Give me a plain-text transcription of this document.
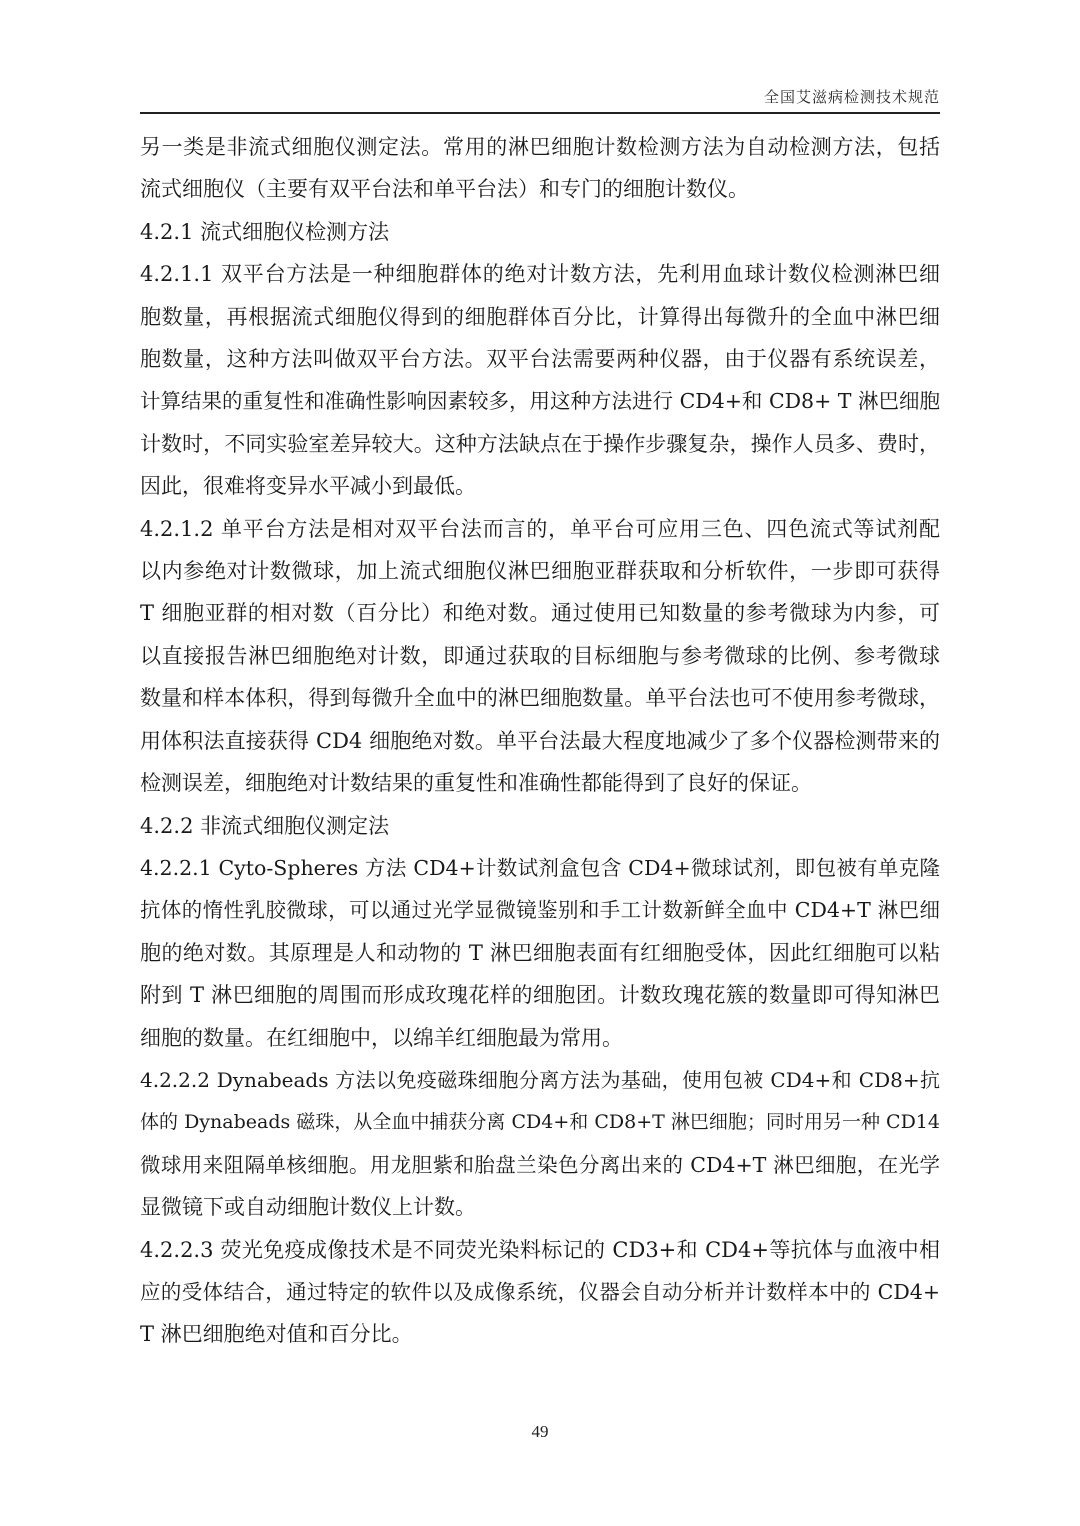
全国艾滋病检测技术规范
另一类是非流式细胞仪测定法。常用的淋巴细胞计数检测方法为自动检测方法，包括
流式细胞仪（主要有双平台法和单平台法）和专门的细胞计数仪。
4.2.1 流式细胞仪检测方法
4.2.1.1 双平台方法是一种细胞群体的绝对计数方法，先利用血球计数仪检测淋巴细
胞数量，再根据流式细胞仪得到的细胞群体百分比，计算得出每微升的全血中淋巴细
胞数量，这种方法叫做双平台方法。双平台法需要两种仪器，由于仪器有系统误差，
计算结果的重复性和准确性影响因素较多，用这种方法进行 CD4+和 CD8+ T 淋巴细胞
计数时，不同实验室差异较大。这种方法缺点在于操作步骤复杂，操作人员多、费时，
因此，很难将变异水平减小到最低。
4.2.1.2 单平台方法是相对双平台法而言的，单平台可应用三色、四色流式等试剂配
以内参绝对计数微球，加上流式细胞仪淋巴细胞亚群获取和分析软件，一步即可获得
T 细胞亚群的相对数（百分比）和绝对数。通过使用已知数量的参考微球为内参，可
以直接报告淋巴细胞绝对计数，即通过获取的目标细胞与参考微球的比例、参考微球
数量和样本体积，得到每微升全血中的淋巴细胞数量。单平台法也可不使用参考微球，
用体积法直接获得 CD4 细胞绝对数。单平台法最大程度地减少了多个仪器检测带来的
检测误差，细胞绝对计数结果的重复性和准确性都能得到了良好的保证。
4.2.2 非流式细胞仪测定法
4.2.2.1 Cyto-Spheres 方法 CD4+计数试剂盒包含 CD4+微球试剂，即包被有单克隆
抗体的惰性乳胶微球，可以通过光学显微镜鉴别和手工计数新鲜全血中 CD4+T 淋巴细
胞的绝对数。其原理是人和动物的 T 淋巴细胞表面有红细胞受体，因此红细胞可以粘
附到 T 淋巴细胞的周围而形成玫瑰花样的细胞团。计数玫瑰花簇的数量即可得知淋巴
细胞的数量。在红细胞中，以绵羊红细胞最为常用。
4.2.2.2 Dynabeads 方法以免疫磁珠细胞分离方法为基础，使用包被 CD4+和 CD8+抗
体的 Dynabeads 磁珠，从全血中捕获分离 CD4+和 CD8+T 淋巴细胞；同时用另一种 CD14
微球用来阻隔单核细胞。用龙胆紫和胎盘兰染色分离出来的 CD4+T 淋巴细胞，在光学
显微镜下或自动细胞计数仪上计数。
4.2.2.3 荧光免疫成像技术是不同荧光染料标记的 CD3+和 CD4+等抗体与血液中相
应的受体结合，通过特定的软件以及成像系统，仪器会自动分析并计数样本中的 CD4+
T 淋巴细胞绝对值和百分比。
49
